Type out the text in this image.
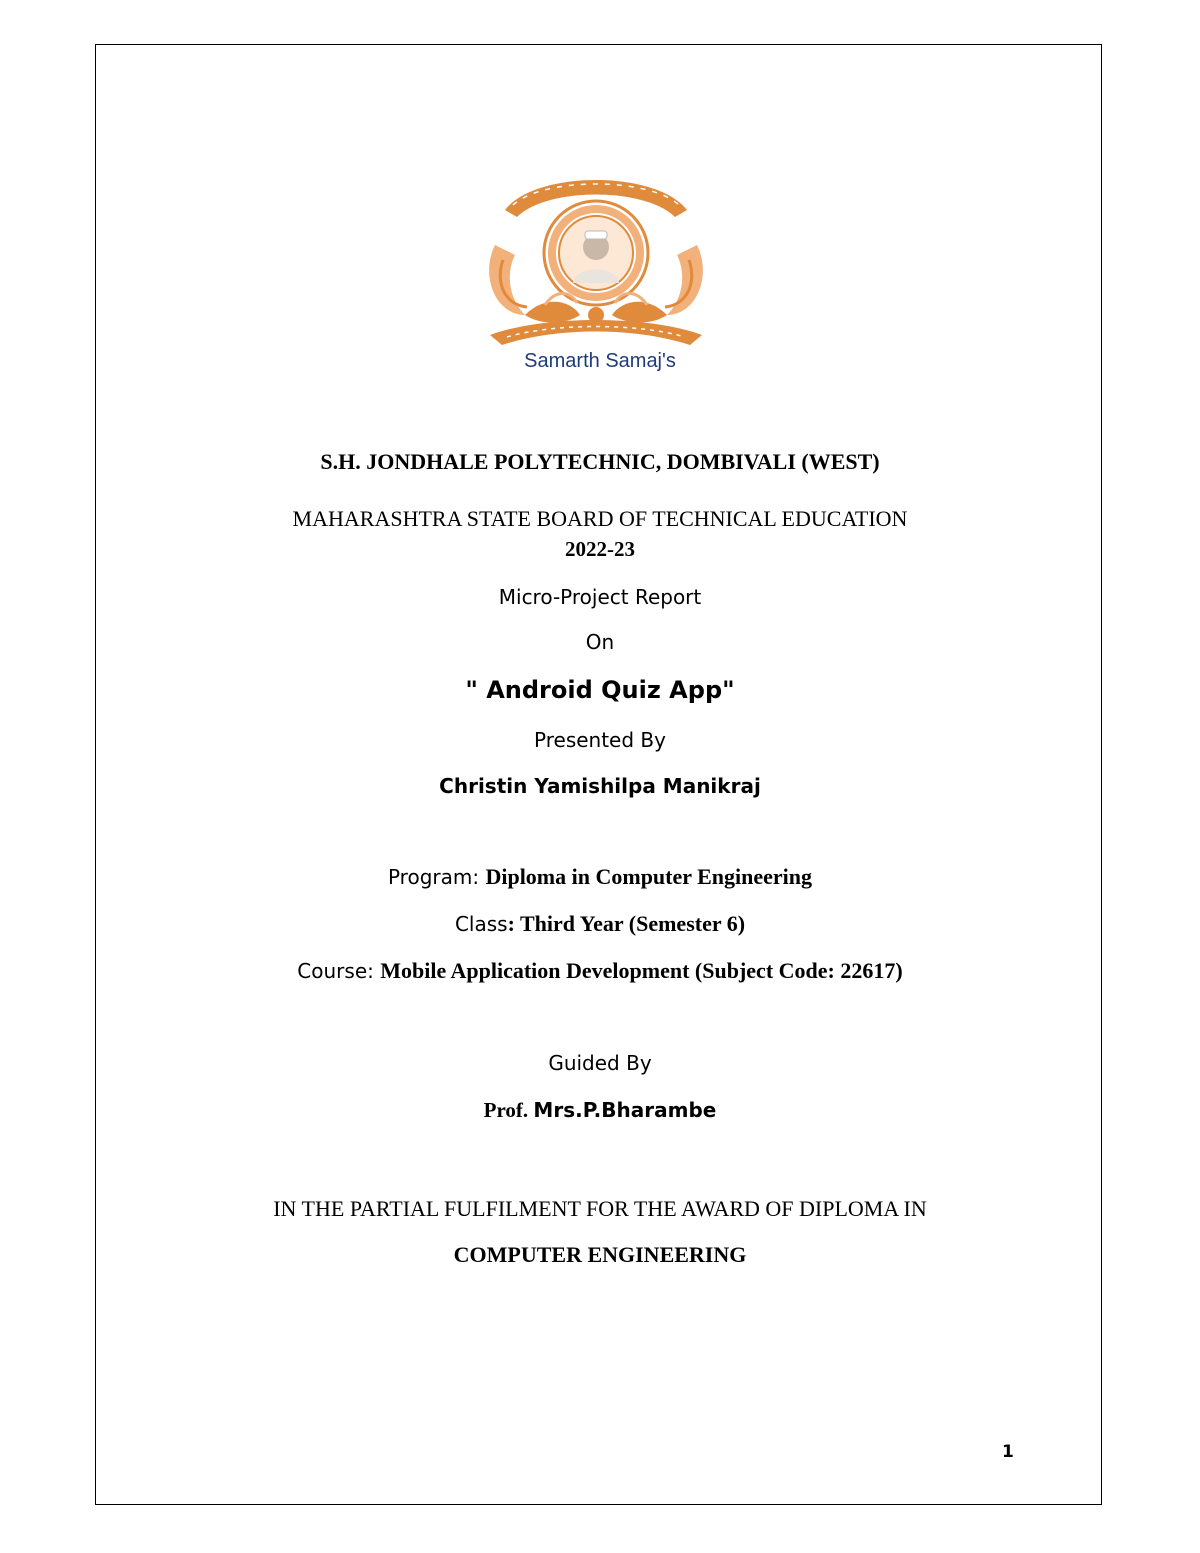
Samarth Samaj's
S.H. JONDHALE POLYTECHNIC, DOMBIVALI (WEST)
MAHARASHTRA STATE BOARD OF TECHNICAL EDUCATION
2022-23
Micro-Project Report
On
" Android Quiz App"
Presented By
Christin Yamishilpa Manikraj
Program: Diploma in Computer Engineering
Class: Third Year (Semester 6)
Course: Mobile Application Development (Subject Code: 22617)
Guided By
Prof. Mrs.P.Bharambe
IN THE PARTIAL FULFILMENT FOR THE AWARD OF DIPLOMA IN
COMPUTER ENGINEERING
1
